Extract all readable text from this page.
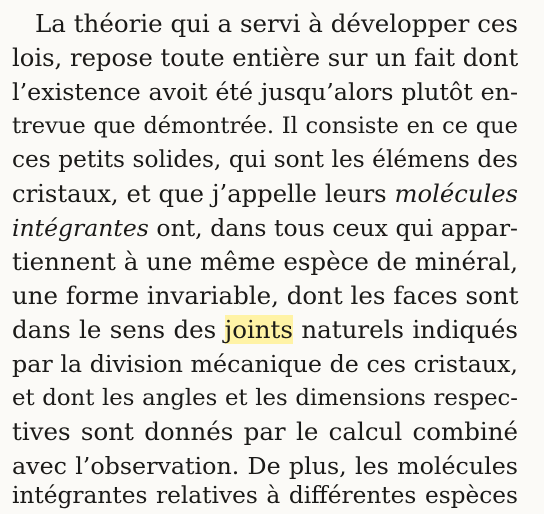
La théorie qui a servi à développer ces
lois, repose toute entière sur un fait dont
l’existence avoit été jusqu’alors plutôt en-
trevue que démontrée. Il consiste en ce que
ces petits solides, qui sont les élémens des
cristaux, et que j’appelle leurs molécules
intégrantes ont, dans tous ceux qui appar-
tiennent à une même espèce de minéral,
une forme invariable, dont les faces sont
dans le sens des joints naturels indiqués
par la division mécanique de ces cristaux,
et dont les angles et les dimensions respec-
tives sont donnés par le calcul combiné
avec l’observation. De plus, les molécules
intégrantes relatives à différentes espèces
